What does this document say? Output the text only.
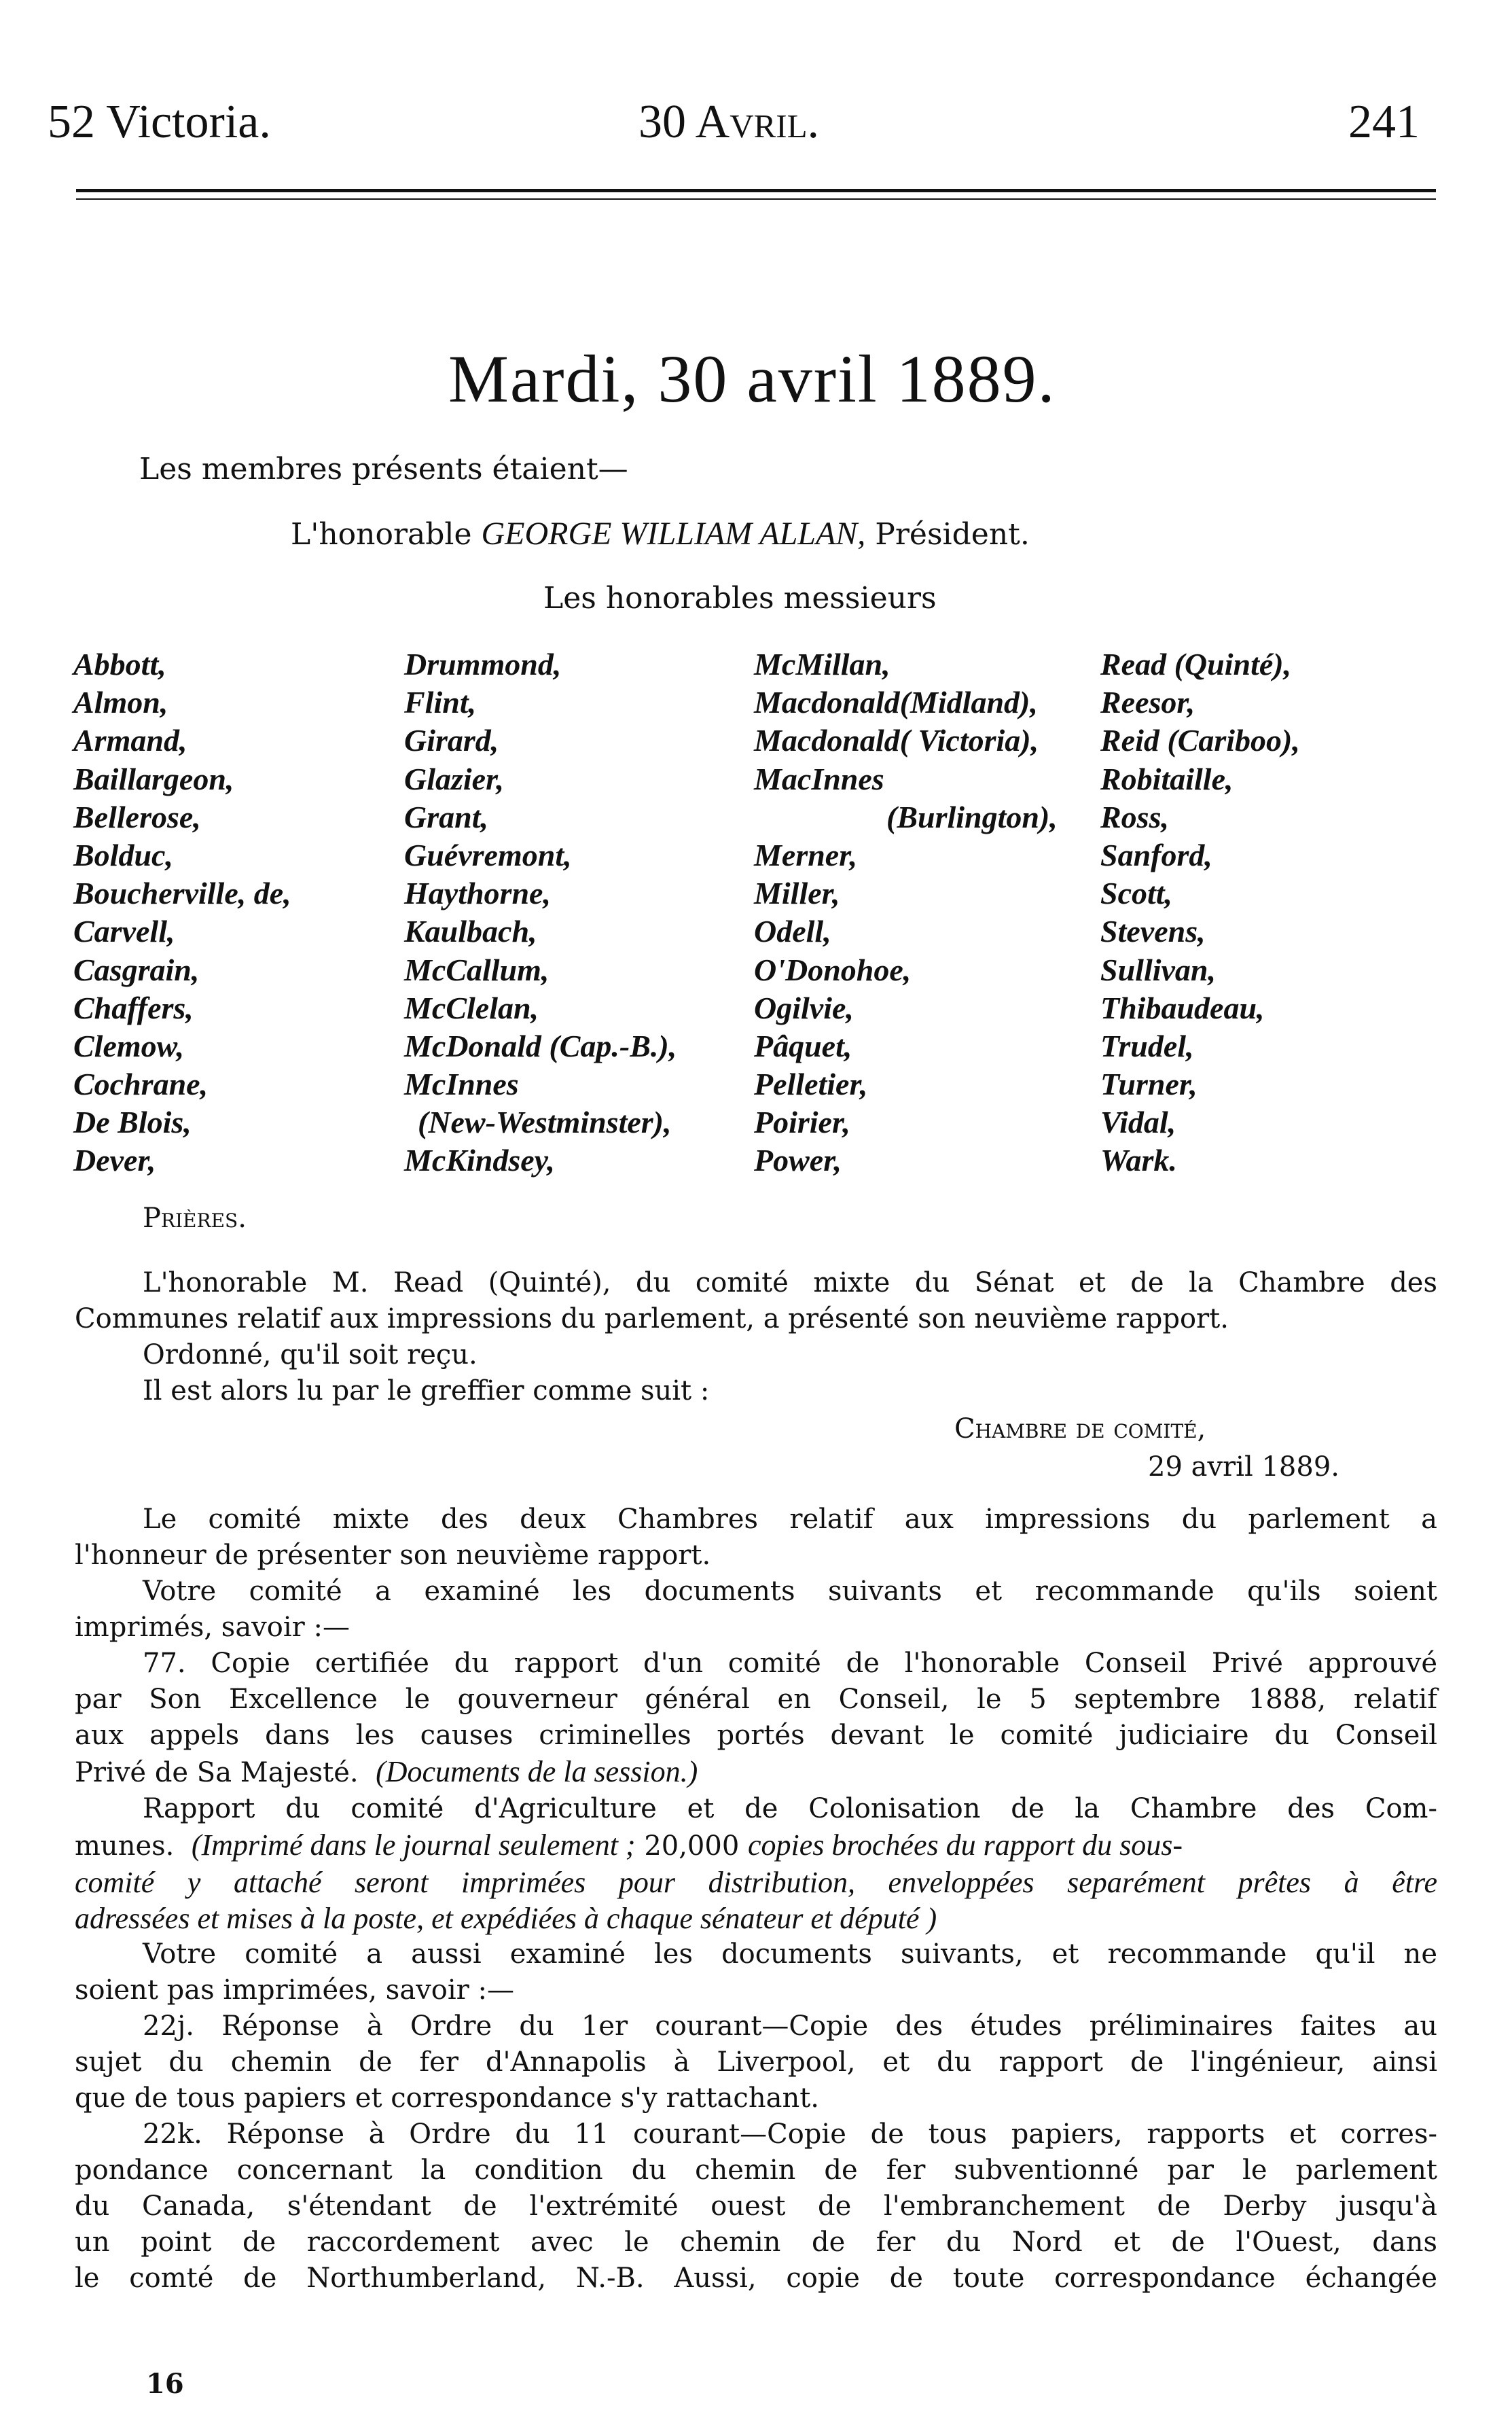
52 Victoria.	30 Avril.	241
Mardi, 30 avril 1889.
Les membres présents étaient—
L'honorable GEORGE WILLIAM ALLAN, Président.
Les honorables messieurs
Abbott,
Almon,
Armand,
Baillargeon,
Bellerose,
Bolduc,
Boucherville, de,
Carvell,
Casgrain,
Chaffers,
Clemow,
Cochrane,
De Blois,
Dever,
Drummond,
Flint,
Girard,
Glazier,
Grant,
Guévremont,
Haythorne,
Kaulbach,
McCallum,
McClelan,
McDonald (Cap.-B.),
McInnes
(New-Westminster),
McKindsey,
McMillan,
Macdonald(Midland),
Macdonald( Victoria),
MacInnes
(Burlington),
Merner,
Miller,
Odell,
O'Donohoe,
Ogilvie,
Pâquet,
Pelletier,
Poirier,
Power,
Read (Quinté),
Reesor,
Reid (Cariboo),
Robitaille,
Ross,
Sanford,
Scott,
Stevens,
Sullivan,
Thibaudeau,
Trudel,
Turner,
Vidal,
Wark.
Prières.
L'honorable M. Read (Quinté), du comité mixte du Sénat et de la Chambre des
Communes relatif aux impressions du parlement, a présenté son neuvième rapport.
Ordonné, qu'il soit reçu.
Il est alors lu par le greffier comme suit :
Chambre de comité,
29 avril 1889.
Le comité mixte des deux Chambres relatif aux impressions du parlement a
l'honneur de présenter son neuvième rapport.
Votre comité a examiné les documents suivants et recommande qu'ils soient
imprimés, savoir :—
77. Copie certifiée du rapport d'un comité de l'honorable Conseil Privé approuvé
par Son Excellence le gouverneur général en Conseil, le 5 septembre 1888, relatif
aux appels dans les causes criminelles portés devant le comité judiciaire du Conseil
Privé de Sa Majesté. (Documents de la session.)
Rapport du comité d'Agriculture et de Colonisation de la Chambre des Com-
munes. (Imprimé dans le journal seulement ; 20,000 copies brochées du rapport du sous-
comité y attaché seront imprimées pour distribution, enveloppées separément prêtes à être
adressées et mises à la poste, et expédiées à chaque sénateur et député )
Votre comité a aussi examiné les documents suivants, et recommande qu'il ne
soient pas imprimées, savoir :—
22j. Réponse à Ordre du 1er courant—Copie des études préliminaires faites au
sujet du chemin de fer d'Annapolis à Liverpool, et du rapport de l'ingénieur, ainsi
que de tous papiers et correspondance s'y rattachant.
22k. Réponse à Ordre du 11 courant—Copie de tous papiers, rapports et corres-
pondance concernant la condition du chemin de fer subventionné par le parlement
du Canada, s'étendant de l'extrémité ouest de l'embranchement de Derby jusqu'à
un point de raccordement avec le chemin de fer du Nord et de l'Ouest, dans
le comté de Northumberland, N.-B. Aussi, copie de toute correspondance échangée
16
